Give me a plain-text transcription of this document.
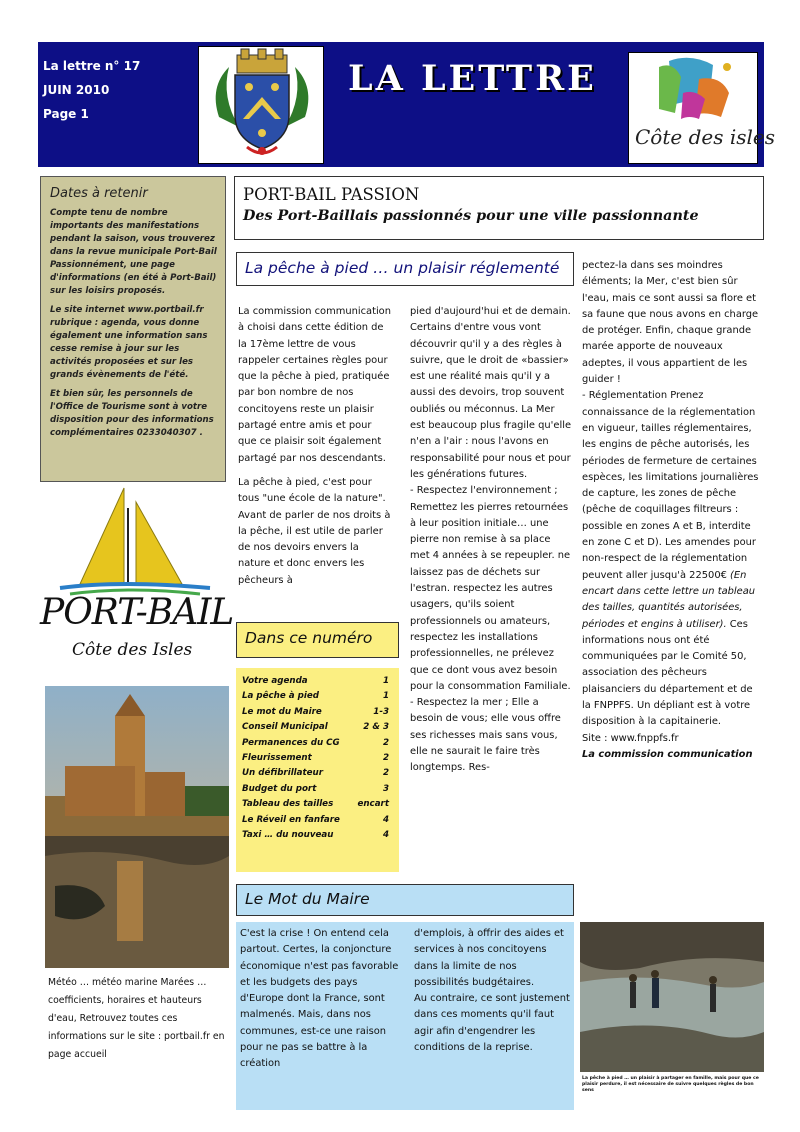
La lettre n° 17
JUIN 2010
Page 1
LA LETTRE
Côte des isles
Dates à retenir

Compte tenu de nombre importants des manifestations pendant la saison, vous trouverez dans la revue municipale Port-Bail Passionnément, une page d'informations (en été à Port-Bail) sur les loisirs proposés.

Le site internet www.portbail.fr rubrique : agenda, vous donne également une information sans cesse remise à jour sur les activités proposées et sur les grands évènements de l'été.

Et bien sûr, les personnels de l'Office de Tourisme sont à votre disposition pour des informations complémentaires 0233040307 .

PORT-BAIL
Côte des Isles
Météo … météo marine Marées … coefficients, horaires et hauteurs d'eau, Retrouvez toutes ces informations sur le site : portbail.fr en page accueil
PORT-BAIL PASSION
Des Port-Baillais passionnés pour une ville passionnante
La pêche à pied … un plaisir réglementé

La commission communication à choisi dans cette édition de la 17ème lettre de vous rappeler certaines règles pour que la pêche à pied, pratiquée par bon nombre de nos concitoyens reste un plaisir partagé entre amis et pour que ce plaisir soit également partagé par nos descendants.

La pêche à pied, c'est pour tous "une école de la nature". Avant de parler de nos droits à la pêche, il est utile de parler de nos devoirs envers la nature et donc envers les pêcheurs à

pied d'aujourd'hui et de demain.

Certains d'entre vous vont découvrir qu'il y a des règles à suivre, que le droit de «bassier» est une réalité mais qu'il y a aussi des devoirs, trop souvent oubliés ou méconnus. La Mer est beaucoup plus fragile qu'elle n'en a l'air : nous l'avons en responsabilité pour nous et pour les générations futures.

- Respectez l'environnement ; Remettez les pierres retournées à leur position initiale… une pierre non remise à sa place met 4 années à se repeupler. ne laissez pas de déchets sur l'estran. respectez les autres usagers, qu'ils soient professionnels ou amateurs, respectez les installations professionnelles, ne prélevez que ce dont vous avez besoin pour la consommation Familiale.

- Respectez la mer ; Elle a besoin de vous; elle vous offre ses richesses mais sans vous, elle ne saurait le faire très longtemps. Res-

pectez-la dans ses moindres éléments; la Mer, c'est bien sûr l'eau, mais ce sont aussi sa flore et sa faune que nous avons en charge de protéger. Enfin, chaque grande marée apporte de nouveaux adeptes, il vous appartient de les guider !

- Réglementation Prenez connaissance de la réglementation en vigueur, tailles réglementaires, les engins de pêche autorisés, les périodes de fermeture de certaines espèces, les limitations journalières de capture, les zones de pêche (pêche de coquillages filtreurs : possible en zones A et B, interdite en zone C et D). Les amendes pour non-respect de la réglementation peuvent aller jusqu'à 22500€ (En encart dans cette lettre un tableau des tailles, quantités autorisées, périodes et engins à utiliser). Ces informations nous ont été communiquées par le Comité 50, association des pêcheurs plaisanciers du département et de la FNPPFS. Un dépliant est à votre disposition à la capitainerie.

Site : www.fnppfs.fr

La commission communication

Dans ce numéro
Votre agenda	1
La pêche à pied	1
Le mot du Maire	1-3
Conseil Municipal	2 & 3
Permanences du CG	2
Fleurissement	2
Un défibrillateur	2
Budget du port	3
Tableau des tailles	encart
Le Réveil en fanfare	4
Taxi … du nouveau	4
Le Mot du Maire

C'est la crise ! On entend cela partout. Certes, la conjoncture économique n'est pas favorable et les budgets des pays d'Europe dont la France, sont malmenés. Mais, dans nos communes, est-ce une raison pour ne pas se battre à la création

d'emplois, à offrir des aides et services à nos concitoyens dans la limite de nos possibilités budgétaires.

Au contraire, ce sont justement dans ces moments qu'il faut agir afin d'engendrer les conditions de la reprise.

La pêche à pied … un plaisir à partager en famille, mais pour que ce plaisir perdure, il est nécessaire de suivre quelques règles de bon sens
